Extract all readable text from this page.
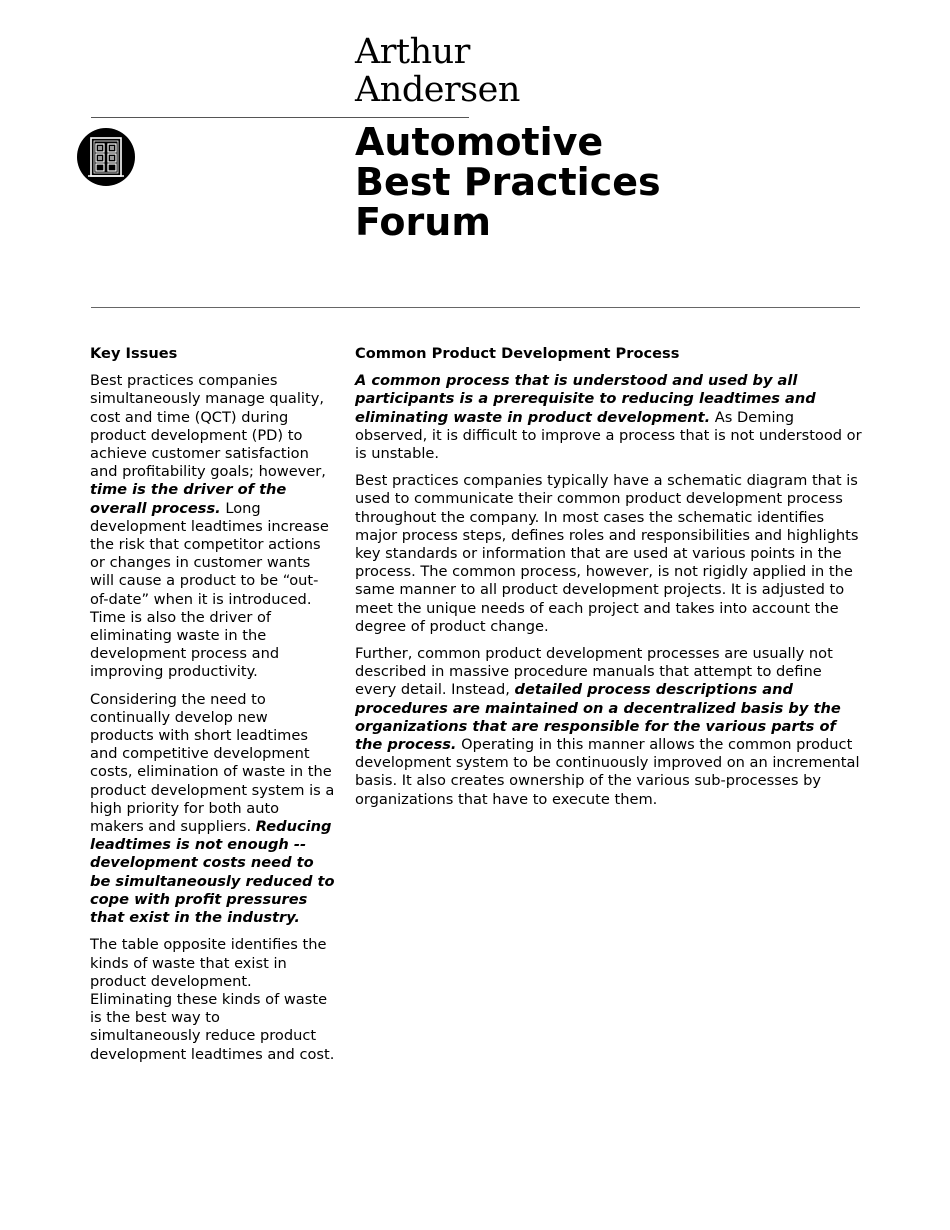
Arthur
Andersen
Automotive
Best Practices
Forum
Key Issues

Best practices companies simultaneously manage quality, cost and time (QCT) during product development (PD) to achieve customer satisfaction and profitability goals; however, time is the driver of the overall process. Long development leadtimes increase the risk that competitor actions or changes in customer wants will cause a product to be “out-of-date” when it is introduced. Time is also the driver of eliminating waste in the development process and improving productivity.

Considering the need to continually develop new products with short leadtimes and competitive development costs, elimination of waste in the product development system is a high priority for both auto makers and suppliers. Reducing leadtimes is not enough -- development costs need to be simultaneously reduced to cope with profit pressures that exist in the industry.

The table opposite identifies the kinds of waste that exist in product development. Eliminating these kinds of waste is the best way to simultaneously reduce product development leadtimes and cost.

Common Product Development Process

A common process that is understood and used by all participants is a prerequisite to reducing leadtimes and eliminating waste in product development. As Deming observed, it is difficult to improve a process that is not understood or is unstable.

Best practices companies typically have a schematic diagram that is used to communicate their common product development process throughout the company. In most cases the schematic identifies major process steps, defines roles and responsibilities and highlights key standards or information that are used at various points in the process. The common process, however, is not rigidly applied in the same manner to all product development projects. It is adjusted to meet the unique needs of each project and takes into account the degree of product change.

Further, common product development processes are usually not described in massive procedure manuals that attempt to define every detail. Instead, detailed process descriptions and procedures are maintained on a decentralized basis by the organizations that are responsible for the various parts of the process. Operating in this manner allows the common product development system to be continuously improved on an incremental basis. It also creates ownership of the various sub-processes by organizations that have to execute them.
